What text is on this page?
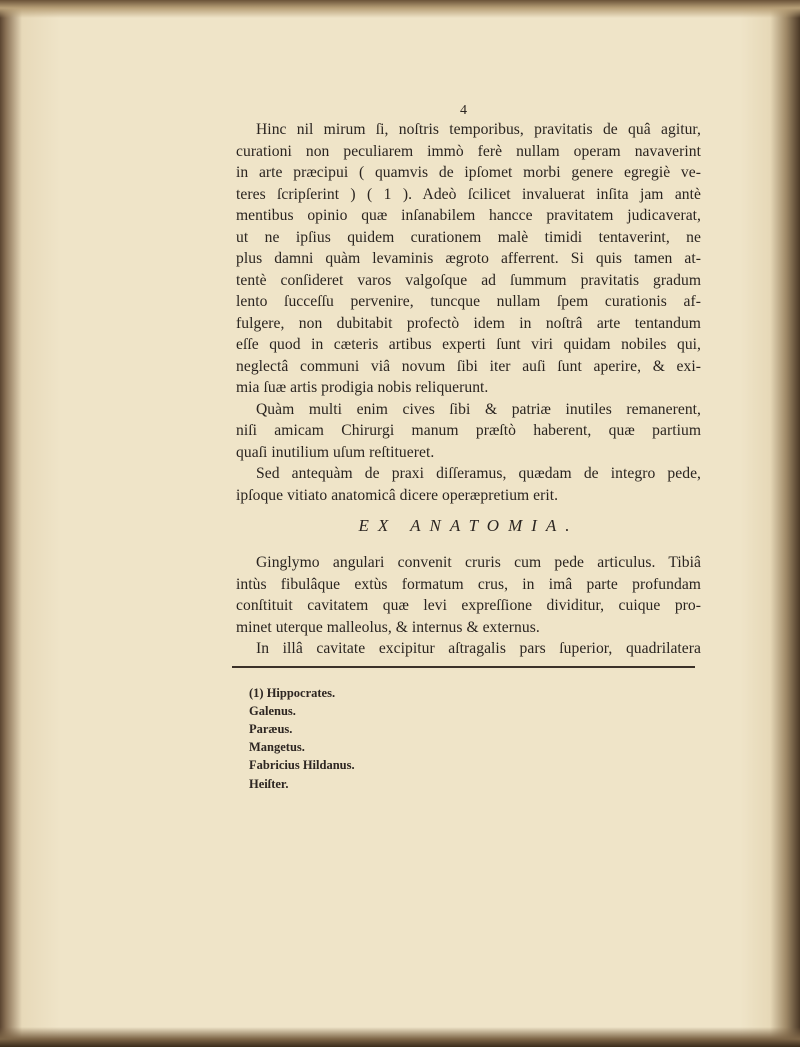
4
Hinc nil mirum ſi, noſtris temporibus, pravitatis de quâ agitur,
curationi non peculiarem immò ferè nullam operam navaverint
in arte præcipui ( quamvis de ipſomet morbi genere egregiè ve-
teres ſcripſerint ) ( 1 ). Adeò ſcilicet invaluerat inſita jam antè
mentibus opinio quæ inſanabilem hancce pravitatem judicaverat,
ut ne ipſius quidem curationem malè timidi tentaverint, ne
plus damni quàm levaminis ægroto afferrent. Si quis tamen at-
tentè conſideret varos valgoſque ad ſummum pravitatis gradum
lento ſucceſſu pervenire, tuncque nullam ſpem curationis af-
fulgere, non dubitabit profectò idem in noſtrâ arte tentandum
eſſe quod in cæteris artibus experti ſunt viri quidam nobiles qui,
neglectâ communi viâ novum ſibi iter auſi ſunt aperire, & exi-
mia ſuæ artis prodigia nobis reliquerunt.
Quàm multi enim cives ſibi & patriæ inutiles remanerent,
niſi amicam Chirurgi manum præſtò haberent, quæ partium
quaſi inutilium uſum reſtitueret.
Sed antequàm de praxi diſſeramus, quædam de integro pede,
ipſoque vitiato anatomicâ dicere operæpretium erit.
EX ANATOMIA.
Ginglymo angulari convenit cruris cum pede articulus. Tibiâ
intùs fibulâque extùs formatum crus, in imâ parte profundam
conſtituit cavitatem quæ levi expreſſione dividitur, cuique pro-
minet uterque malleolus, & internus & externus.
In illâ cavitate excipitur aſtragalis pars ſuperior, quadrilatera
(1) Hippocrates.
Galenus.
Paræus.
Mangetus.
Fabricius Hildanus.
Heiſter.
